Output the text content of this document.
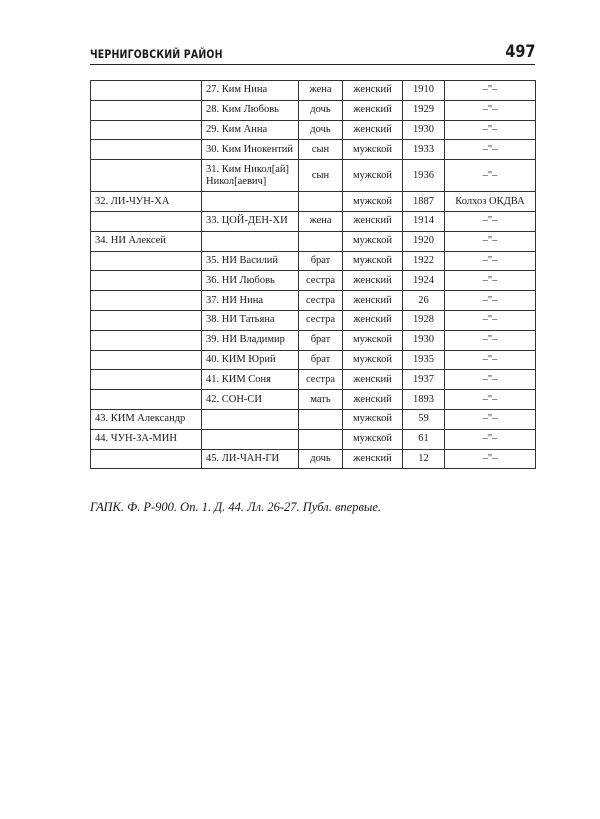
ЧЕРНИГОВСКИЙ РАЙОН	497
	27. Ким Нина	жена	женский	1910	–"–
	28. Ким Любовь	дочь	женский	1929	–"–
	29. Ким Анна	дочь	женский	1930	–"–
	30. Ким Инокентий	сын	мужской	1933	–"–
	31. Ким Никол[ай] Никол[аевич]	сын	мужской	1936	–"–
32. ЛИ-ЧУН-ХА			мужской	1887	Колхоз ОКДВА
	33. ЦОЙ-ДЕН-ХИ	жена	женский	1914	–"–
34. НИ Алексей			мужской	1920	–"–
	35. НИ Василий	брат	мужской	1922	–"–
	36. НИ Любовь	сестра	женский	1924	–"–
	37. НИ Нина	сестра	женский	26	–"–
	38. НИ Татьяна	сестра	женский	1928	–"–
	39. НИ Владимир	брат	мужской	1930	–"–
	40. КИМ Юрий	брат	мужской	1935	–"–
	41. КИМ Соня	сестра	женский	1937	–"–
	42. СОН-СИ	мать	женский	1893	–"–
43. КИМ Александр			мужской	59	–"–
44. ЧУН-ЗА-МИН			мужской	61	–"–
	45. ЛИ-ЧАН-ГИ	дочь	женский	12	–"–
ГАПК. Ф. Р-900. Оп. 1. Д. 44. Лл. 26-27. Публ. впервые.
